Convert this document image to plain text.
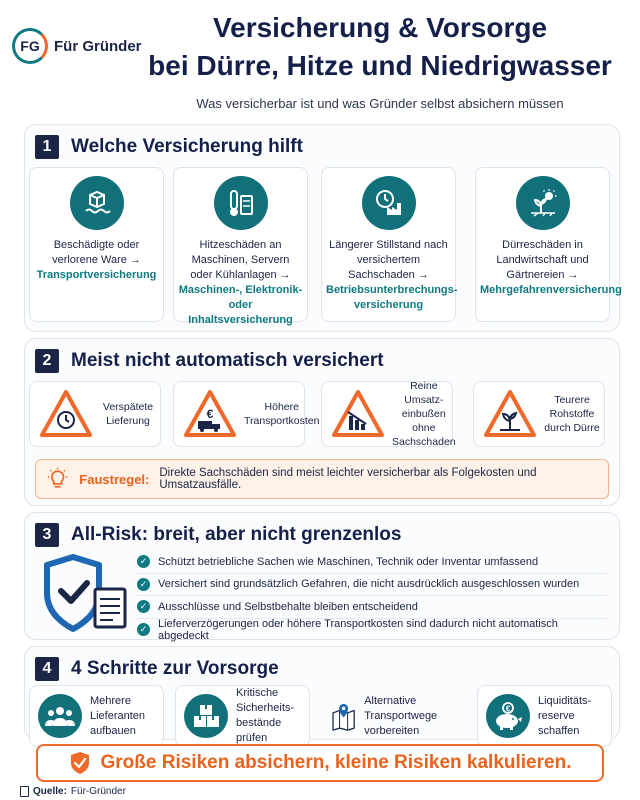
FG Für Gründer
Versicherung & Vorsorge
bei Dürre, Hitze und Niedrigwasser
Was versicherbar ist und was Gründer selbst absichern müssen
1	Welche Versicherung hilft
Beschädigte oder verlorene Ware →
Transportversicherung
Hitzeschäden an Maschinen, Servern oder Kühlanlagen →
Maschinen-, Elektronik- oder Inhaltsversicherung
Längerer Stillstand nach versichertem Sachschaden →
Betriebsunterbrechungs- versicherung
Dürreschäden in Landwirtschaft und Gärtnereien →
Mehrgefahrenversicherung
2	Meist nicht automatisch versichert
Verspätete Lieferung	€	Höhere Transportkosten
Reine Umsatz- einbußen ohne Sachschaden
Teurere Rohstoffe durch Dürre
Faustregel: Direkte Sachschäden sind meist leichter versicherbar als Folgekosten und Umsatzausfälle.
3	All-Risk: breit, aber nicht grenzenlos
✓ Schützt betriebliche Sachen wie Maschinen, Technik oder Inventar umfassend
✓ Versichert sind grundsätzlich Gefahren, die nicht ausdrücklich ausgeschlossen wurden
✓ Ausschlüsse und Selbstbehalte bleiben entscheidend
✓ Lieferverzögerungen oder höhere Transportkosten sind dadurch nicht automatisch abgedeckt
4	4 Schritte zur Vorsorge
Mehrere Lieferanten aufbauen
Kritische Sicherheits- bestände prüfen
Alternative Transportwege vorbereiten
€
Liquiditäts- reserve schaffen
Große Risiken absichern, kleine Risiken kalkulieren.
Quelle: Für-Gründer
